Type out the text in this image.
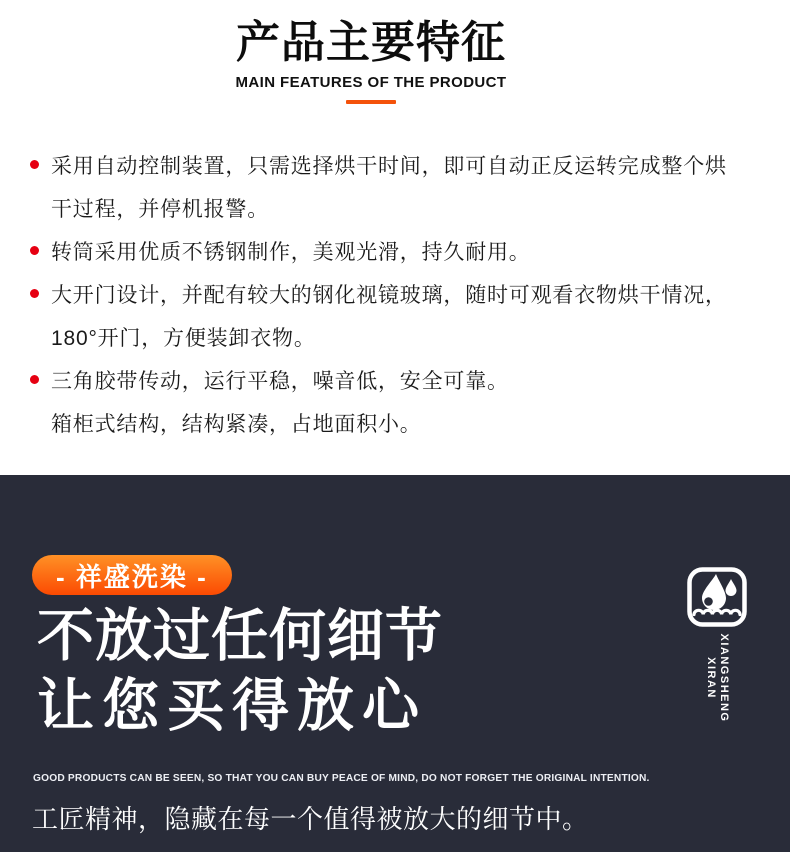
产品主要特征
MAIN FEATURES OF THE PRODUCT
采用自动控制装置，只需选择烘干时间，即可自动正反运转完成整个烘
干过程，并停机报警。
转筒采用优质不锈钢制作，美观光滑，持久耐用。
大开门设计，并配有较大的钢化视镜玻璃，随时可观看衣物烘干情况，
180°开门，方便装卸衣物。
三角胶带传动，运行平稳，噪音低，安全可靠。
箱柜式结构，结构紧凑，占地面积小。
- 祥盛洗染 -
不放过任何细节
让您买得放心	XIANGSHENG
XIRAN
GOOD PRODUCTS CAN BE SEEN, SO THAT YOU CAN BUY PEACE OF MIND, DO NOT FORGET THE ORIGINAL INTENTION.
工匠精神，隐藏在每一个值得被放大的细节中。
